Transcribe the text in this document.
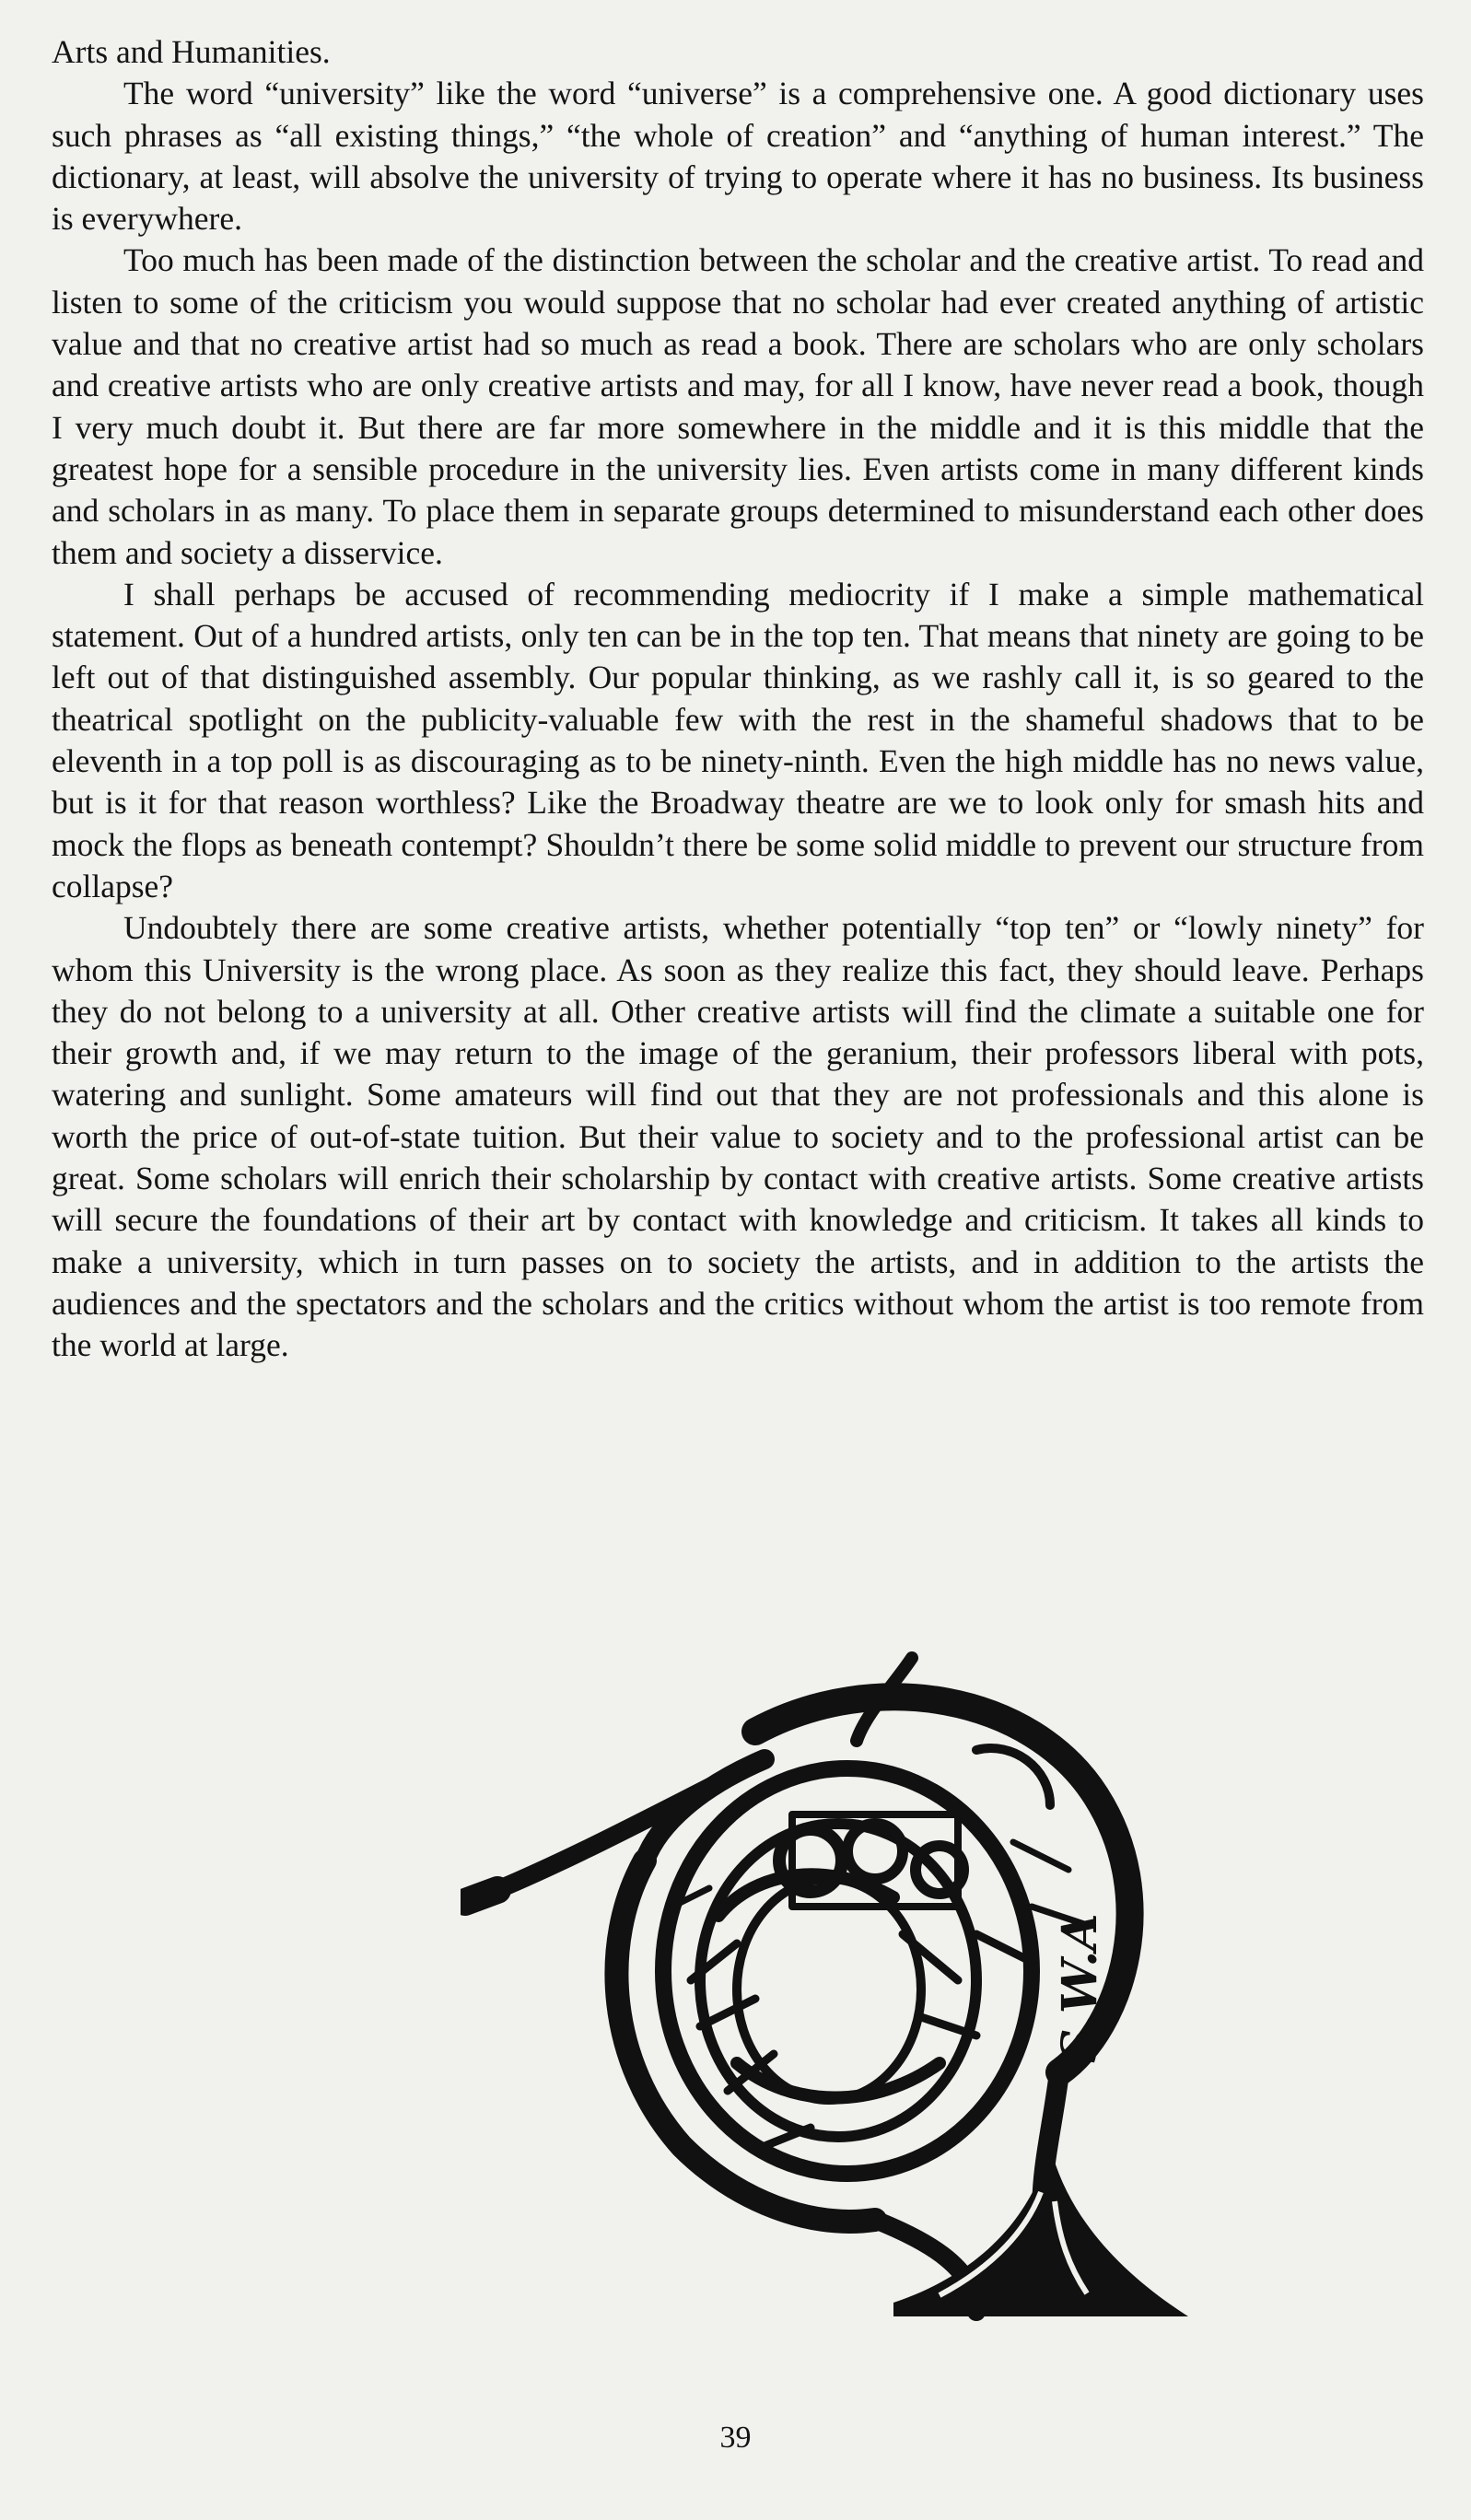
Arts and Humanities.

The word “university” like the word “universe” is a comprehensive one. A good dictionary uses such phrases as “all existing things,” “the whole of creation” and “anything of human interest.” The dictionary, at least, will absolve the university of trying to operate where it has no business. Its business is everywhere.

Too much has been made of the distinction between the scholar and the creative artist. To read and listen to some of the criticism you would suppose that no scholar had ever created anything of artistic value and that no creative artist had so much as read a book. There are scholars who are only scholars and creative artists who are only creative artists and may, for all I know, have never read a book, though I very much doubt it. But there are far more somewhere in the middle and it is this middle that the greatest hope for a sensible procedure in the university lies. Even artists come in many different kinds and scholars in as many. To place them in separate groups determined to misunderstand each other does them and society a disservice.

I shall perhaps be accused of recommending mediocrity if I make a simple mathematical statement. Out of a hundred artists, only ten can be in the top ten. That means that ninety are going to be left out of that distinguished assembly. Our popular thinking, as we rashly call it, is so geared to the theatrical spotlight on the publicity-valuable few with the rest in the shameful shadows that to be eleventh in a top poll is as discouraging as to be ninety-ninth. Even the high middle has no news value, but is it for that reason worthless? Like the Broadway theatre are we to look only for smash hits and mock the flops as beneath contempt? Shouldn’t there be some solid middle to prevent our structure from collapse?

Undoubtely there are some creative artists, whether potentially “top ten” or “lowly ninety” for whom this University is the wrong place. As soon as they realize this fact, they should leave. Perhaps they do not belong to a university at all. Other creative artists will find the climate a suitable one for their growth and, if we may return to the image of the geranium, their professors liberal with pots, watering and sunlight. Some amateurs will find out that they are not professionals and this alone is worth the price of out-of-state tuition. But their value to society and to the professional artist can be great. Some scholars will enrich their scholarship by contact with creative artists. Some creative artists will secure the foundations of their art by contact with knowledge and criticism. It takes all kinds to make a university, which in turn passes on to society the artists, and in addition to the artists the audiences and the spectators and the scholars and the critics without whom the artist is too remote from the world at large.

S.W.A
39
